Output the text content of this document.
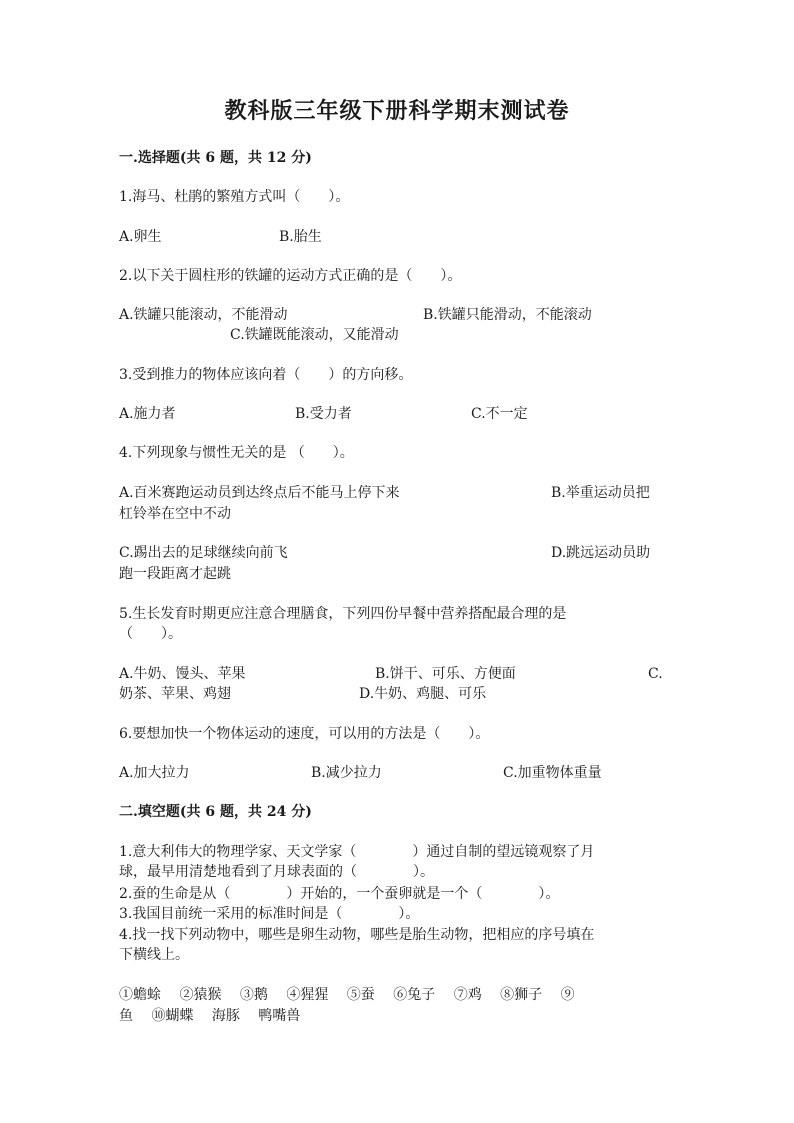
教科版三年级下册科学期末测试卷
一.选择题(共 6 题，共 12 分)
1.海马、杜鹃的繁殖方式叫（　　）。
A.卵生	B.胎生
2.以下关于圆柱形的铁罐的运动方式正确的是（　　）。
A.铁罐只能滚动，不能滑动	B.铁罐只能滑动，不能滚动
C.铁罐既能滚动，又能滑动
3.受到推力的物体应该向着（　　）的方向移。
A.施力者	B.受力者	C.不一定
4.下列现象与惯性无关的是 （　　）。
A.百米赛跑运动员到达终点后不能马上停下来	B.举重运动员把
杠铃举在空中不动
C.踢出去的足球继续向前飞	D.跳远运动员助
跑一段距离才起跳
5.生长发育时期更应注意合理膳食，下列四份早餐中营养搭配最合理的是
（　　）。
A.牛奶、馒头、苹果	B.饼干、可乐、方便面	C.
奶茶、苹果、鸡翅	D.牛奶、鸡腿、可乐
6.要想加快一个物体运动的速度，可以用的方法是（　　）。
A.加大拉力	B.减少拉力	C.加重物体重量
二.填空题(共 6 题，共 24 分)
1.意大利伟大的物理学家、天文学家（　　　　）通过自制的望远镜观察了月
球，最早用清楚地看到了月球表面的（　　　　）。
2.蚕的生命是从（　　　　）开始的，一个蚕卵就是一个（　　　　）。
3.我国目前统一采用的标准时间是（　　　　）。
4.找一找下列动物中，哪些是卵生动物，哪些是胎生动物，把相应的序号填在
下横线上。
①蟾蜍　 ②猿猴　 ③鹅　 ④猩猩　 ⑤蚕　 ⑥兔子　 ⑦鸡　 ⑧狮子　 ⑨
鱼　 ⑩蝴蝶　 海豚　 鸭嘴兽
